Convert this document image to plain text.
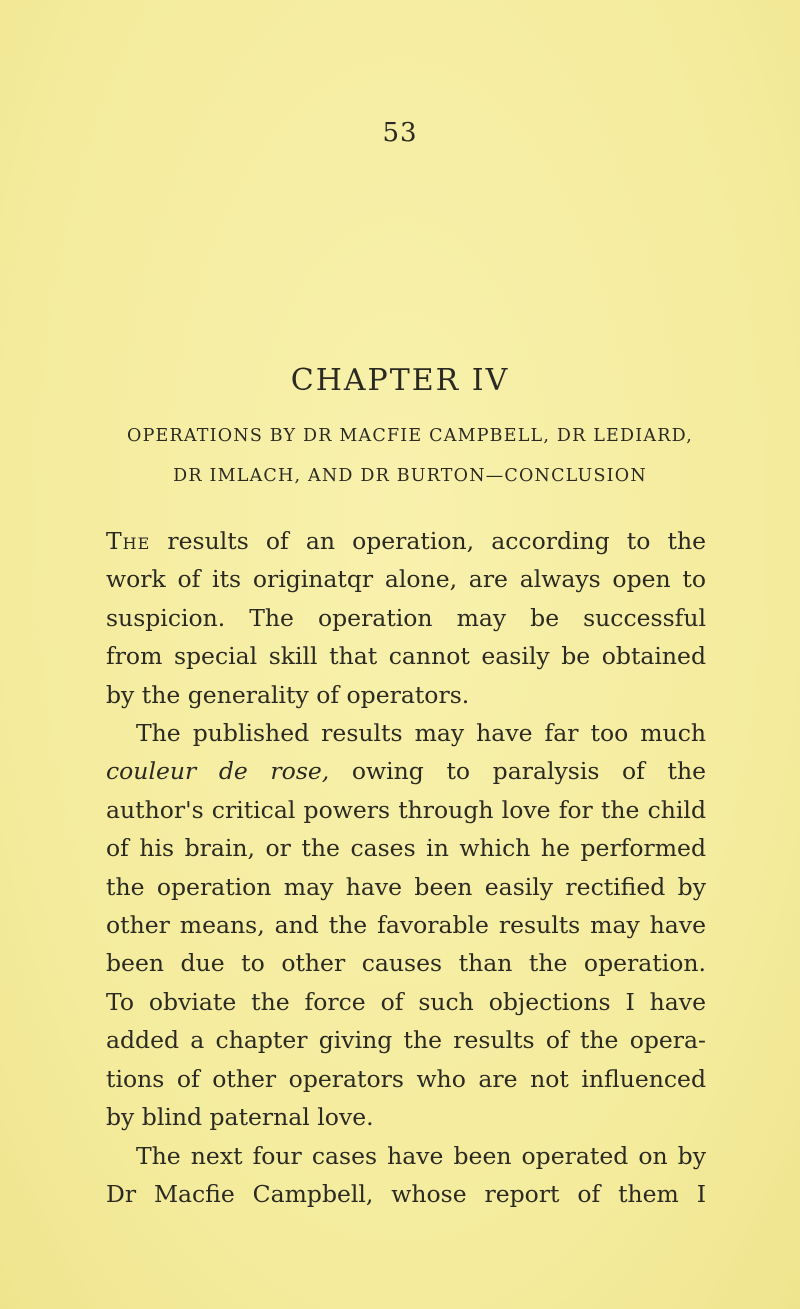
53
CHAPTER IV
OPERATIONS BY DR MACFIE CAMPBELL, DR LEDIARD,
DR IMLACH, AND DR BURTON—CONCLUSION
The results of an operation, according to the
work of its originatqr alone, are always open to
suspicion. The operation may be successful
from special skill that cannot easily be obtained
by the generality of operators.
The published results may have far too much
couleur de rose, owing to paralysis of the
author's critical powers through love for the child
of his brain, or the cases in which he performed
the operation may have been easily rectified by
other means, and the favorable results may have
been due to other causes than the operation.
To obviate the force of such objections I have
added a chapter giving the results of the opera-
tions of other operators who are not influenced
by blind paternal love.
The next four cases have been operated on by
Dr Macfie Campbell, whose report of them I
